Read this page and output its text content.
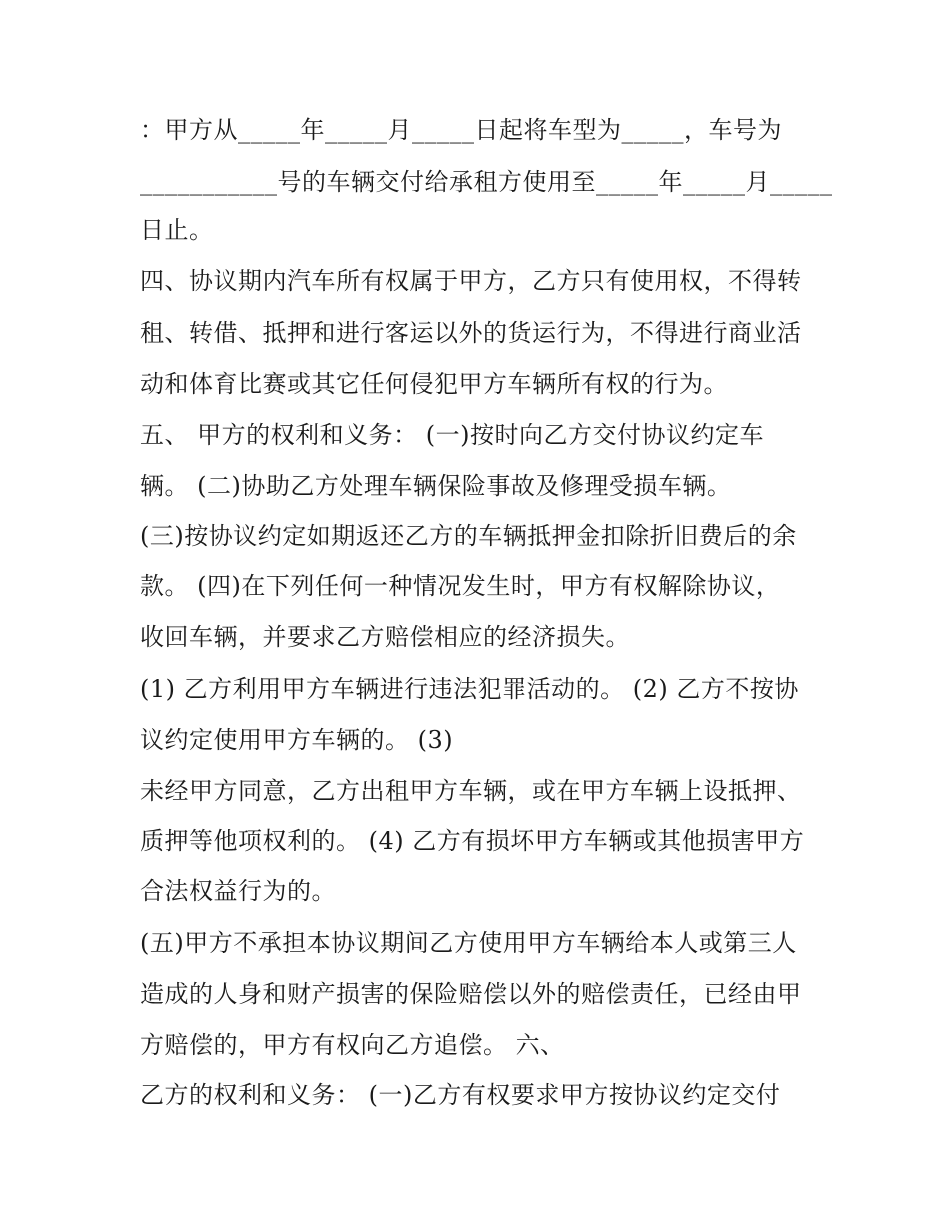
：甲方从_____年_____月_____日起将车型为_____，车号为
___________号的车辆交付给承租方使用至_____年_____月_____
日止。
四、协议期内汽车所有权属于甲方，乙方只有使用权，不得转
租、转借、抵押和进行客运以外的货运行为，不得进行商业活
动和体育比赛或其它任何侵犯甲方车辆所有权的行为。
五、 甲方的权利和义务： (一)按时向乙方交付协议约定车
辆。 (二)协助乙方处理车辆保险事故及修理受损车辆。
(三)按协议约定如期返还乙方的车辆抵押金扣除折旧费后的余
款。 (四)在下列任何一种情况发生时，甲方有权解除协议，
收回车辆，并要求乙方赔偿相应的经济损失。
(1) 乙方利用甲方车辆进行违法犯罪活动的。 (2) 乙方不按协
议约定使用甲方车辆的。 (3)
未经甲方同意，乙方出租甲方车辆，或在甲方车辆上设抵押、
质押等他项权利的。 (4) 乙方有损坏甲方车辆或其他损害甲方
合法权益行为的。
(五)甲方不承担本协议期间乙方使用甲方车辆给本人或第三人
造成的人身和财产损害的保险赔偿以外的赔偿责任，已经由甲
方赔偿的，甲方有权向乙方追偿。 六、
乙方的权利和义务： (一)乙方有权要求甲方按协议约定交付
